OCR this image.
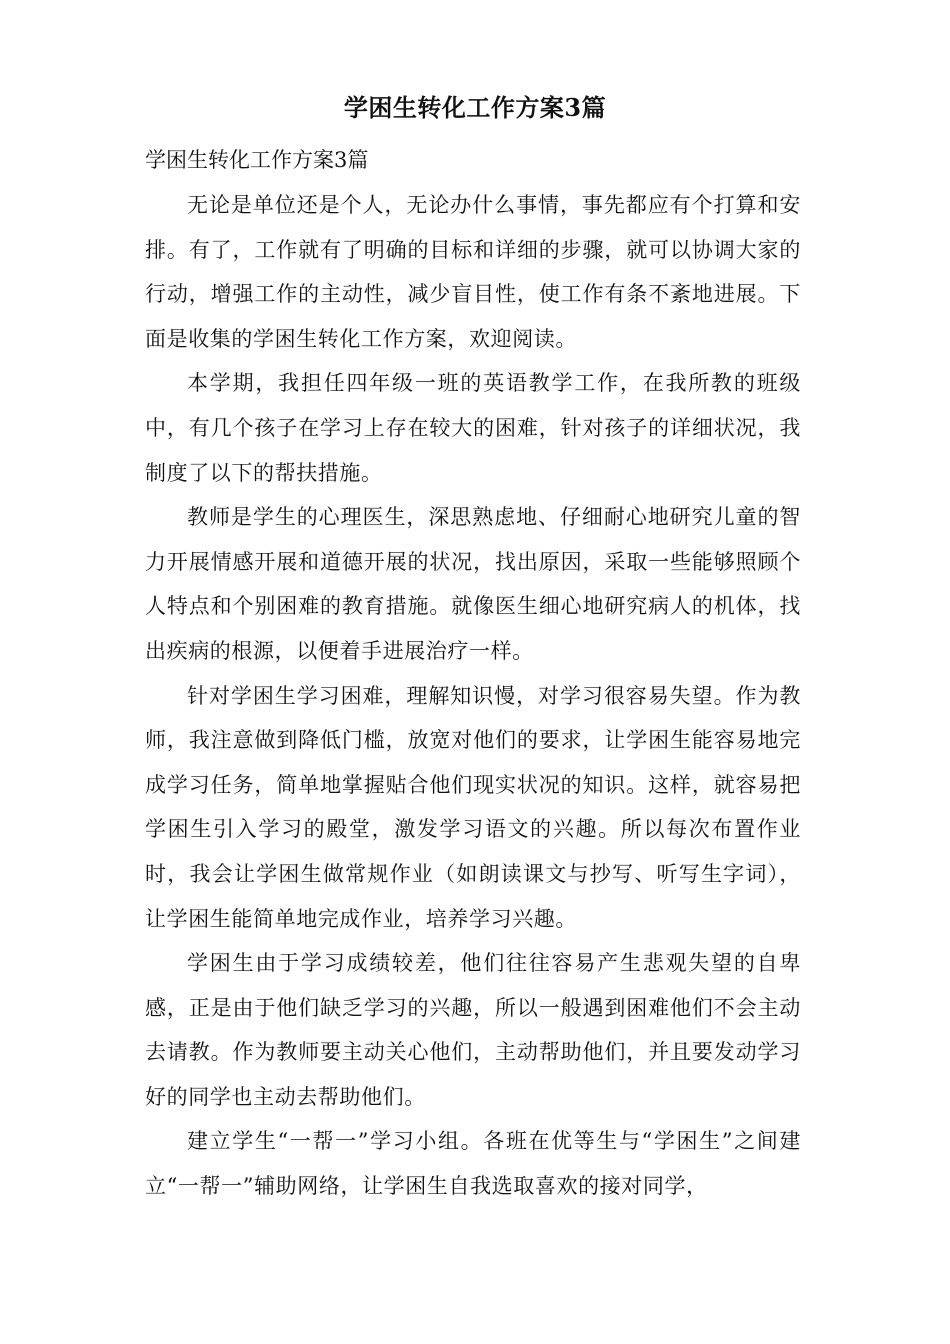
学困生转化工作方案3篇

学困生转化工作方案3篇

无论是单位还是个人，无论办什么事情，事先都应有个打算和安排。有了，工作就有了明确的目标和详细的步骤，就可以协调大家的行动，增强工作的主动性，减少盲目性，使工作有条不紊地进展。下面是收集的学困生转化工作方案，欢迎阅读。

本学期，我担任四年级一班的英语教学工作，在我所教的班级中，有几个孩子在学习上存在较大的困难，针对孩子的详细状况，我制度了以下的帮扶措施。

教师是学生的心理医生，深思熟虑地、仔细耐心地研究儿童的智力开展情感开展和道德开展的状况，找出原因，采取一些能够照顾个人特点和个别困难的教育措施。就像医生细心地研究病人的机体，找出疾病的根源，以便着手进展治疗一样。

针对学困生学习困难，理解知识慢，对学习很容易失望。作为教师，我注意做到降低门槛，放宽对他们的要求，让学困生能容易地完成学习任务，简单地掌握贴合他们现实状况的知识。这样，就容易把学困生引入学习的殿堂，激发学习语文的兴趣。所以每次布置作业时，我会让学困生做常规作业（如朗读课文与抄写、听写生字词），让学困生能简单地完成作业，培养学习兴趣。

学困生由于学习成绩较差，他们往往容易产生悲观失望的自卑感，正是由于他们缺乏学习的兴趣，所以一般遇到困难他们不会主动去请教。作为教师要主动关心他们，主动帮助他们，并且要发动学习好的同学也主动去帮助他们。

建立学生“一帮一”学习小组。各班在优等生与“学困生”之间建立“一帮一”辅助网络，让学困生自我选取喜欢的接对同学，
